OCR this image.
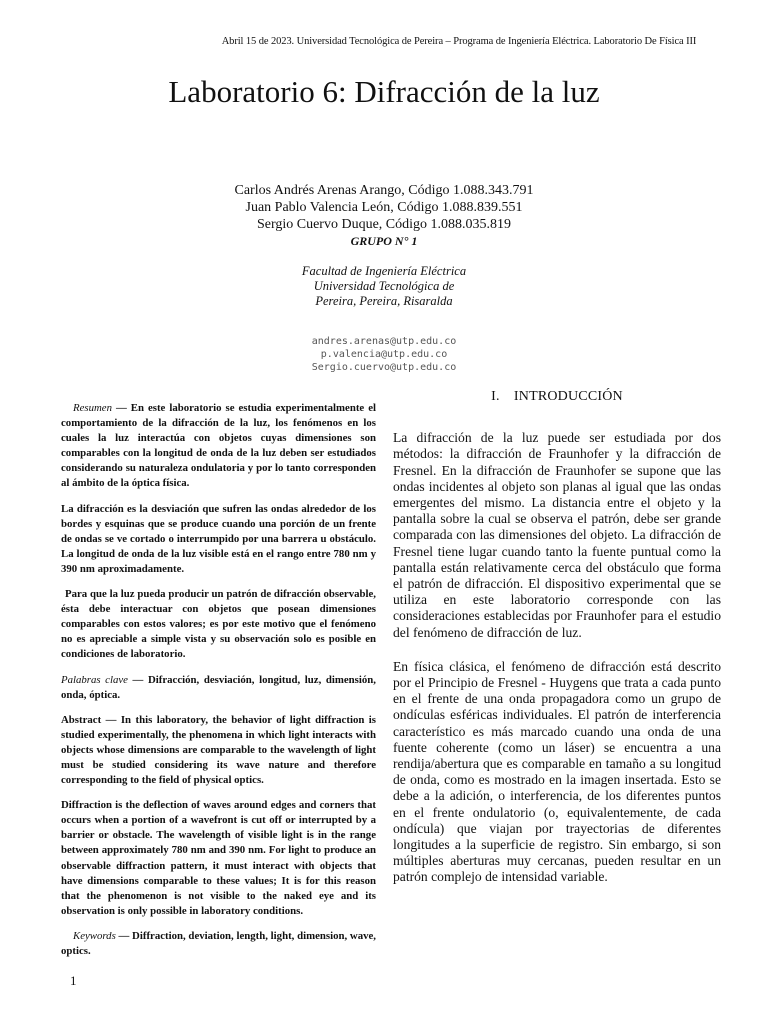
Abril 15 de 2023. Universidad Tecnológica de Pereira – Programa de Ingeniería Eléctrica. Laboratorio De Física III
Laboratorio 6: Difracción de la luz
Carlos Andrés Arenas Arango, Código 1.088.343.791
Juan Pablo Valencia León, Código 1.088.839.551
Sergio Cuervo Duque, Código 1.088.035.819
GRUPO N° 1
Facultad de Ingeniería Eléctrica
Universidad Tecnológica de
Pereira, Pereira, Risaralda
andres.arenas@utp.edu.co
p.valencia@utp.edu.co
Sergio.cuervo@utp.edu.co

Resumen — En este laboratorio se estudia experimentalmente el comportamiento de la difracción de la luz, los fenómenos en los cuales la luz interactúa con objetos cuyas dimensiones son comparables con la longitud de onda de la luz deben ser estudiados considerando su naturaleza ondulatoria y por lo tanto corresponden al ámbito de la óptica física.

La difracción es la desviación que sufren las ondas alrededor de los bordes y esquinas que se produce cuando una porción de un frente de ondas se ve cortado o interrumpido por una barrera u obstáculo. La longitud de onda de la luz visible está en el rango entre 780 nm y 390 nm aproximadamente.

Para que la luz pueda producir un patrón de difracción observable, ésta debe interactuar con objetos que posean dimensiones comparables con estos valores; es por este motivo que el fenómeno no es apreciable a simple vista y su observación solo es posible en condiciones de laboratorio.

Palabras clave — Difracción, desviación, longitud, luz, dimensión, onda, óptica.

Abstract — In this laboratory, the behavior of light diffraction is studied experimentally, the phenomena in which light interacts with objects whose dimensions are comparable to the wavelength of light must be studied considering its wave nature and therefore corresponding to the field of physical optics.

Diffraction is the deflection of waves around edges and corners that occurs when a portion of a wavefront is cut off or interrupted by a barrier or obstacle. The wavelength of visible light is in the range between approximately 780 nm and 390 nm. For light to produce an observable diffraction pattern, it must interact with objects that have dimensions comparable to these values; It is for this reason that the phenomenon is not visible to the naked eye and its observation is only possible in laboratory conditions.

Keywords — Diffraction, deviation, length, light, dimension, wave, optics.

I. INTRODUCCIÓN

La difracción de la luz puede ser estudiada por dos métodos: la difracción de Fraunhofer y la difracción de Fresnel. En la difracción de Fraunhofer se supone que las ondas incidentes al objeto son planas al igual que las ondas emergentes del mismo. La distancia entre el objeto y la pantalla sobre la cual se observa el patrón, debe ser grande comparada con las dimensiones del objeto. La difracción de Fresnel tiene lugar cuando tanto la fuente puntual como la pantalla están relativamente cerca del obstáculo que forma el patrón de difracción. El dispositivo experimental que se utiliza en este laboratorio corresponde con las consideraciones establecidas por Fraunhofer para el estudio del fenómeno de difracción de luz.

En física clásica, el fenómeno de difracción está descrito por el Principio de Fresnel - Huygens que trata a cada punto en el frente de una onda propagadora como un grupo de ondículas esféricas individuales. El patrón de interferencia característico es más marcado cuando una onda de una fuente coherente (como un láser) se encuentra a una rendija/abertura que es comparable en tamaño a su longitud de onda, como es mostrado en la imagen insertada. Esto se debe a la adición, o interferencia, de los diferentes puntos en el frente ondulatorio (o, equivalentemente, de cada ondícula) que viajan por trayectorias de diferentes longitudes a la superficie de registro. Sin embargo, si son múltiples aberturas muy cercanas, pueden resultar en un patrón complejo de intensidad variable.

1
